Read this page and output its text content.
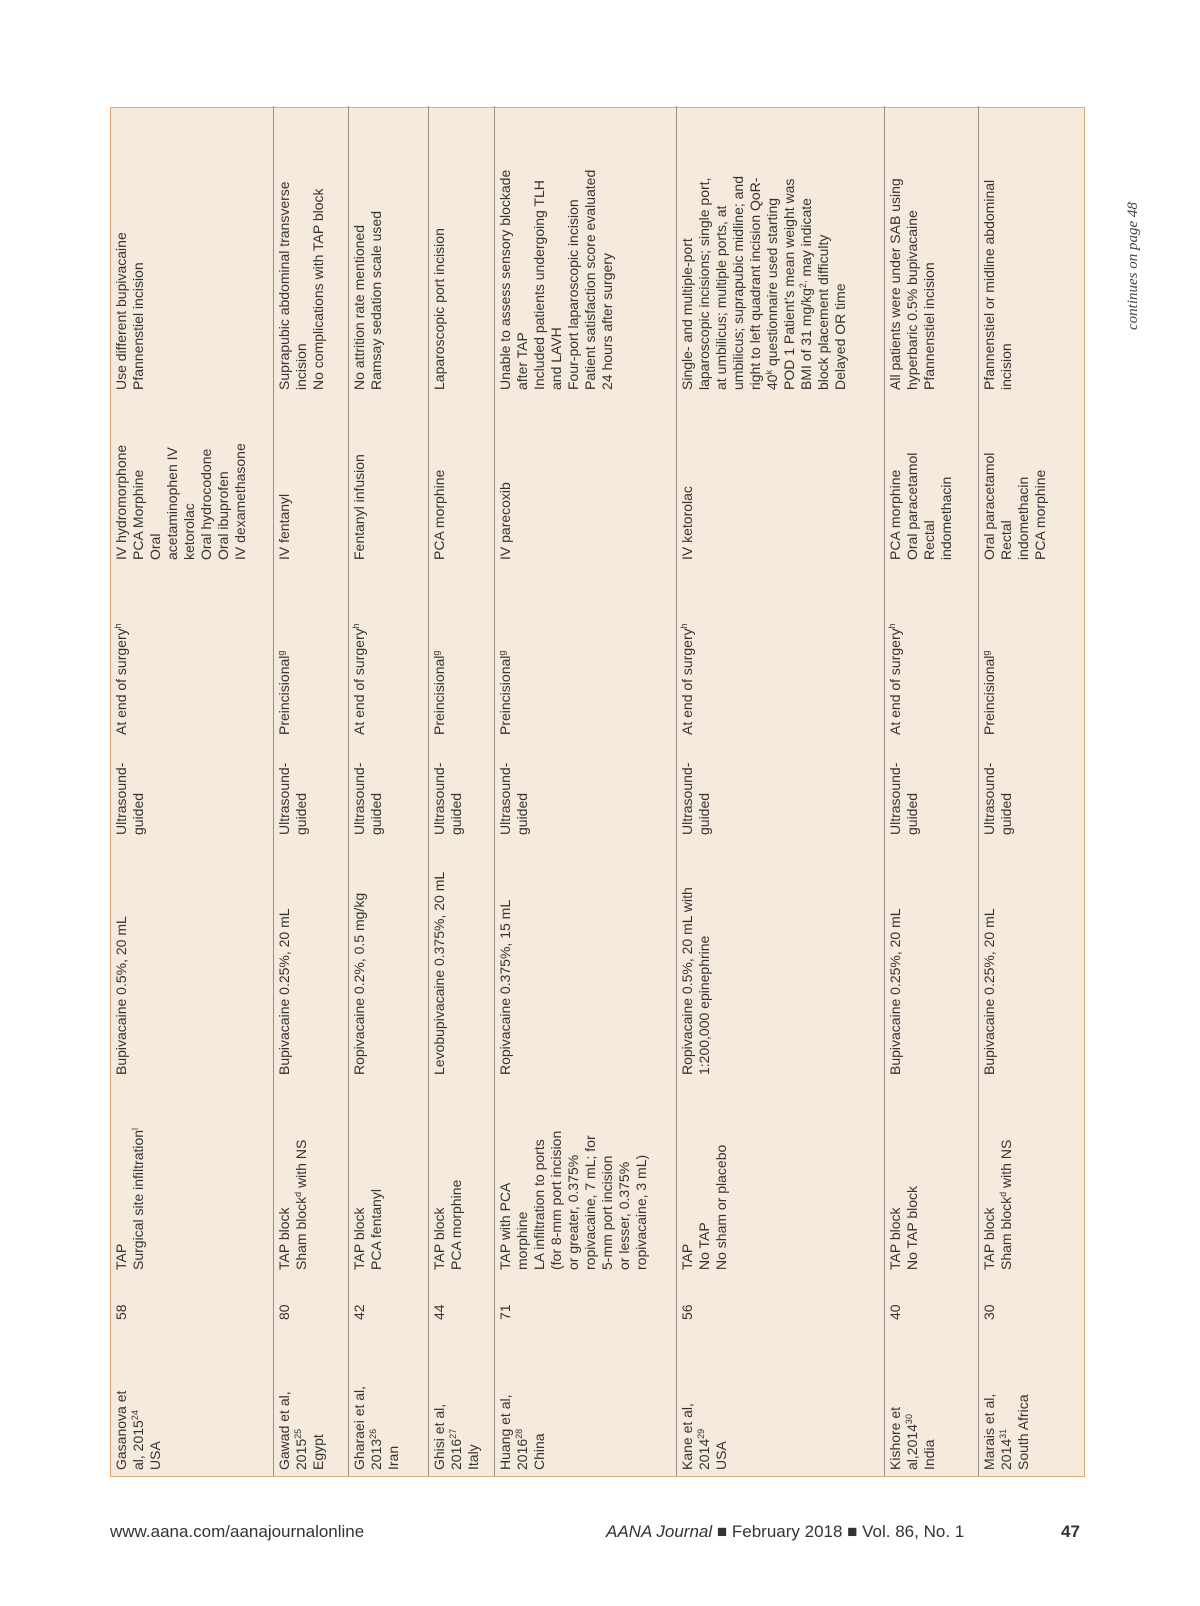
Gasanova et al, 2015$^{24}$
USA
58
TAP Surgical site infiltration$^l$
Bupivacaine 0.5%, 20 mL
Ultrasound- guided
At end of surgery$^h$
IV hydromorphone PCA Morphine Oral acetaminophen IV ketorolac Oral hydrocodone Oral ibuprofen IV dexamethasone
Use different bupivacaine Pfannenstiel incision
Gawad et al, 2015$^{25}$
Egypt
80
TAP block Sham block$^d$ with NS
Bupivacaine 0.25%, 20 mL
Ultrasound- guided
Preincisional$^g$
IV fentanyl
Suprapubic abdominal transverse incision No complications with TAP block
Gharaei et al, 2013$^{26}$
Iran
42
TAP block PCA fentanyl
Ropivacaine 0.2%, 0.5 mg/kg
Ultrasound- guided
At end of surgery$^h$
Fentanyl infusion
No attrition rate mentioned Ramsay sedation scale used
Ghisi et al, 2016$^{27}$
Italy
44
TAP block PCA morphine
Levobupivacaine 0.375%, 20 mL
Ultrasound- guided
Preincisional$^g$
PCA morphine
Laparoscopic port incision
Huang et al, 2016$^{28}$ China
71
TAP with PCA morphine LA infiltration to ports (for 8-mm port incision or greater, 0.375% ropivacaine, 7 mL; for 5-mm port incision or lesser, 0.375% ropivacaine, 3 mL)
Ropivacaine 0.375%, 15 mL
Ultrasound- guided
Preincisional$^g$
IV parecoxib
Unable to assess sensory blockade after TAP Included patients undergoing TLH and LAVH Four-port laparoscopic incision Patient satisfaction score evaluated 24 hours after surgery
Kane et al, 2014$^{29}$
USA
56
TAP No TAP No sham or placebo
Ropivacaine 0.5%, 20 mL with 1:200,000 epinephrine
Ultrasound- guided
At end of surgery$^h$
IV ketorolac
Single- and multiple-port laparoscopic incisions; single port, at umbilicus; multiple ports, at umbilicus; suprapubic midline; and right to left quadrant incision QoR- 40$^k$ questionnaire used starting POD 1 Patient’s mean weight was BMI of 31 $mg/kg^{2,}$ may indicate block placement difficulty Delayed OR time
Kishore et al,2014$^{30}$
India
40
TAP block No TAP block
Bupivacaine 0.25%, 20 mL
Ultrasound- guided
At end of surgery$^h$
PCA morphine Oral paracetamol Rectal indomethacin
All patients were under SAB using hyperbaric 0.5% bupivacaine Pfannenstiel incision
Marais et al, 2014$^{31}$ South Africa
30
TAP block Sham block$^d$ with NS
Bupivacaine 0.25%, 20 mL
Ultrasound- guided
Preincisional$^g$
Oral paracetamol Rectal indomethacin PCA morphine
Pfannenstiel or midline abdominal incision
continues on page 48
www.aana.com/aanajournalonline	AANA Journal ■ February 2018 ■ Vol. 86, No. 1	47
